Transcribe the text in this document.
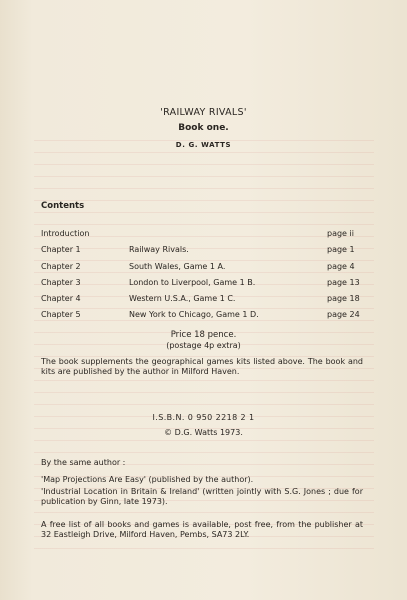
'RAILWAY RIVALS'
Book one.
D. G. WATTS
Contents
Introduction	page ii
Chapter 1	Railway Rivals.	page 1
Chapter 2	South Wales, Game 1 A.	page 4
Chapter 3	London to Liverpool, Game 1 B.	page 13
Chapter 4	Western U.S.A., Game 1 C.	page 18
Chapter 5	New York to Chicago, Game 1 D.	page 24
Price 18 pence.
(postage 4p extra)
The book supplements the geographical games kits listed above. The book and kits are published by the author in Milford Haven.
I.S.B.N. 0 950 2218 2 1
© D.G. Watts 1973.
By the same author :
'Map Projections Are Easy' (published by the author).
'Industrial Location in Britain & Ireland' (written jointly with S.G. Jones ; due for publication by Ginn, late 1973).
A free list of all books and games is available, post free, from the publisher at 32 Eastleigh Drive, Milford Haven, Pembs, SA73 2LY.
